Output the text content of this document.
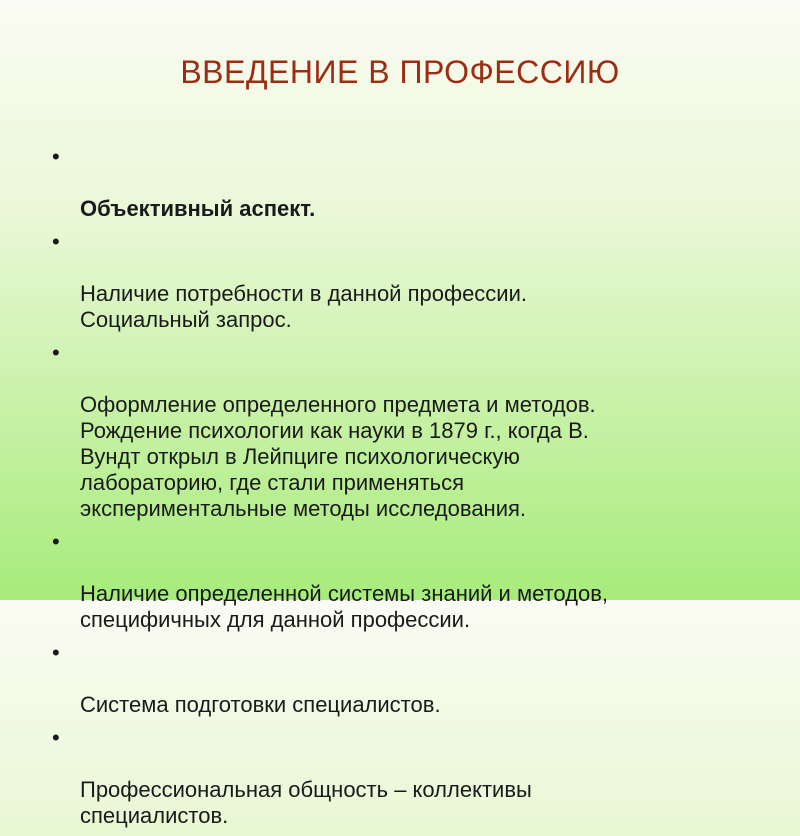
ВВЕДЕНИЕ В ПРОФЕССИЮ

•

Объективный аспект.

•

Наличие потребности в данной профессии.
Социальный запрос.

•

Оформление определенного предмета и методов.
Рождение психологии как науки в 1879 г., когда В.
Вундт открыл в Лейпциге психологическую
лабораторию, где стали применяться
экспериментальные методы исследования.

•

Наличие определенной системы знаний и методов,
специфичных для данной профессии.

•

Система подготовки специалистов.

•

Профессиональная общность – коллективы
специалистов.
